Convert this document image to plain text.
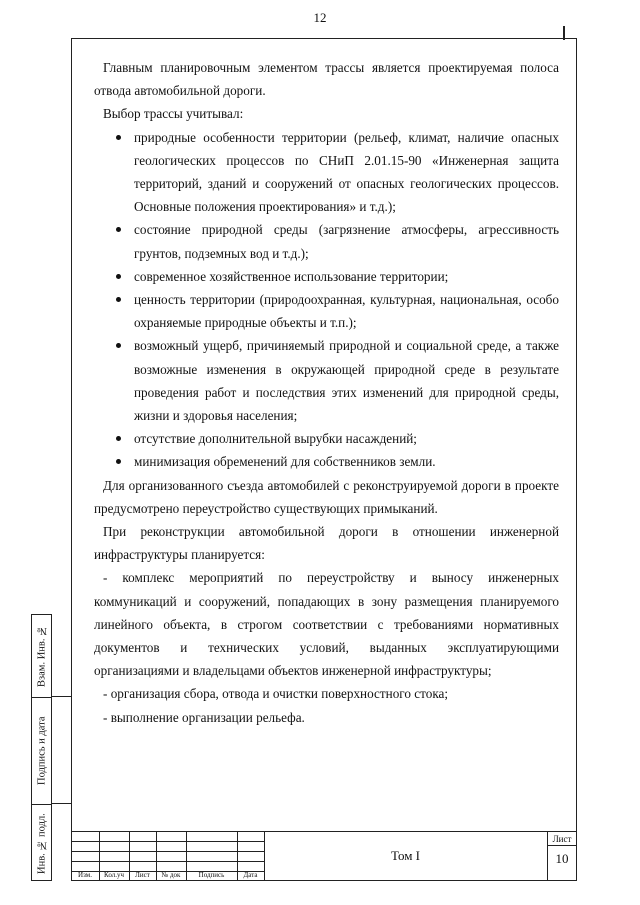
12
Взам. Инв. №
Подпись и дата
Инв. № подл.

Главным планировочным элементом трассы является проектируемая полоса отвода автомобильной дороги.

Выбор трассы учитывал:

природные особенности территории (рельеф, климат, наличие опасных геологических процессов по СНиП 2.01.15-90 «Инженерная защита территорий, зданий и сооружений от опасных геологических процессов. Основные положения проектирования» и т.д.);
состояние природной среды (загрязнение атмосферы, агрессивность грунтов, подземных вод и т.д.);
современное хозяйственное использование территории;
ценность территории (природоохранная, культурная, национальная, особо охраняемые природные объекты и т.п.);
возможный ущерб, причиняемый природной и социальной среде, а также возможные изменения в окружающей природной среде в результате проведения работ и последствия этих изменений для природной среды, жизни и здоровья населения;
отсутствие дополнительной вырубки насаждений;
минимизация обременений для собственников земли.

Для организованного съезда автомобилей с реконструируемой дороги в проекте предусмотрено переустройство существующих примыканий.

При реконструкции автомобильной дороги в отношении инженерной инфраструктуры планируется:

- комплекс мероприятий по переустройству и выносу инженерных коммуникаций и сооружений, попадающих в зону размещения планируемого линейного объекта, в строгом соответствии с требованиями нормативных документов и технических условий, выданных эксплуатирующими организациями и владельцами объектов инженерной инфраструктуры;

- организация сбора, отвода и очистки поверхностного стока;

- выполнение организации рельефа.

Изм.	Кол.уч	Лист	№ док	Подпись	Дата
Том I
Лист
10
